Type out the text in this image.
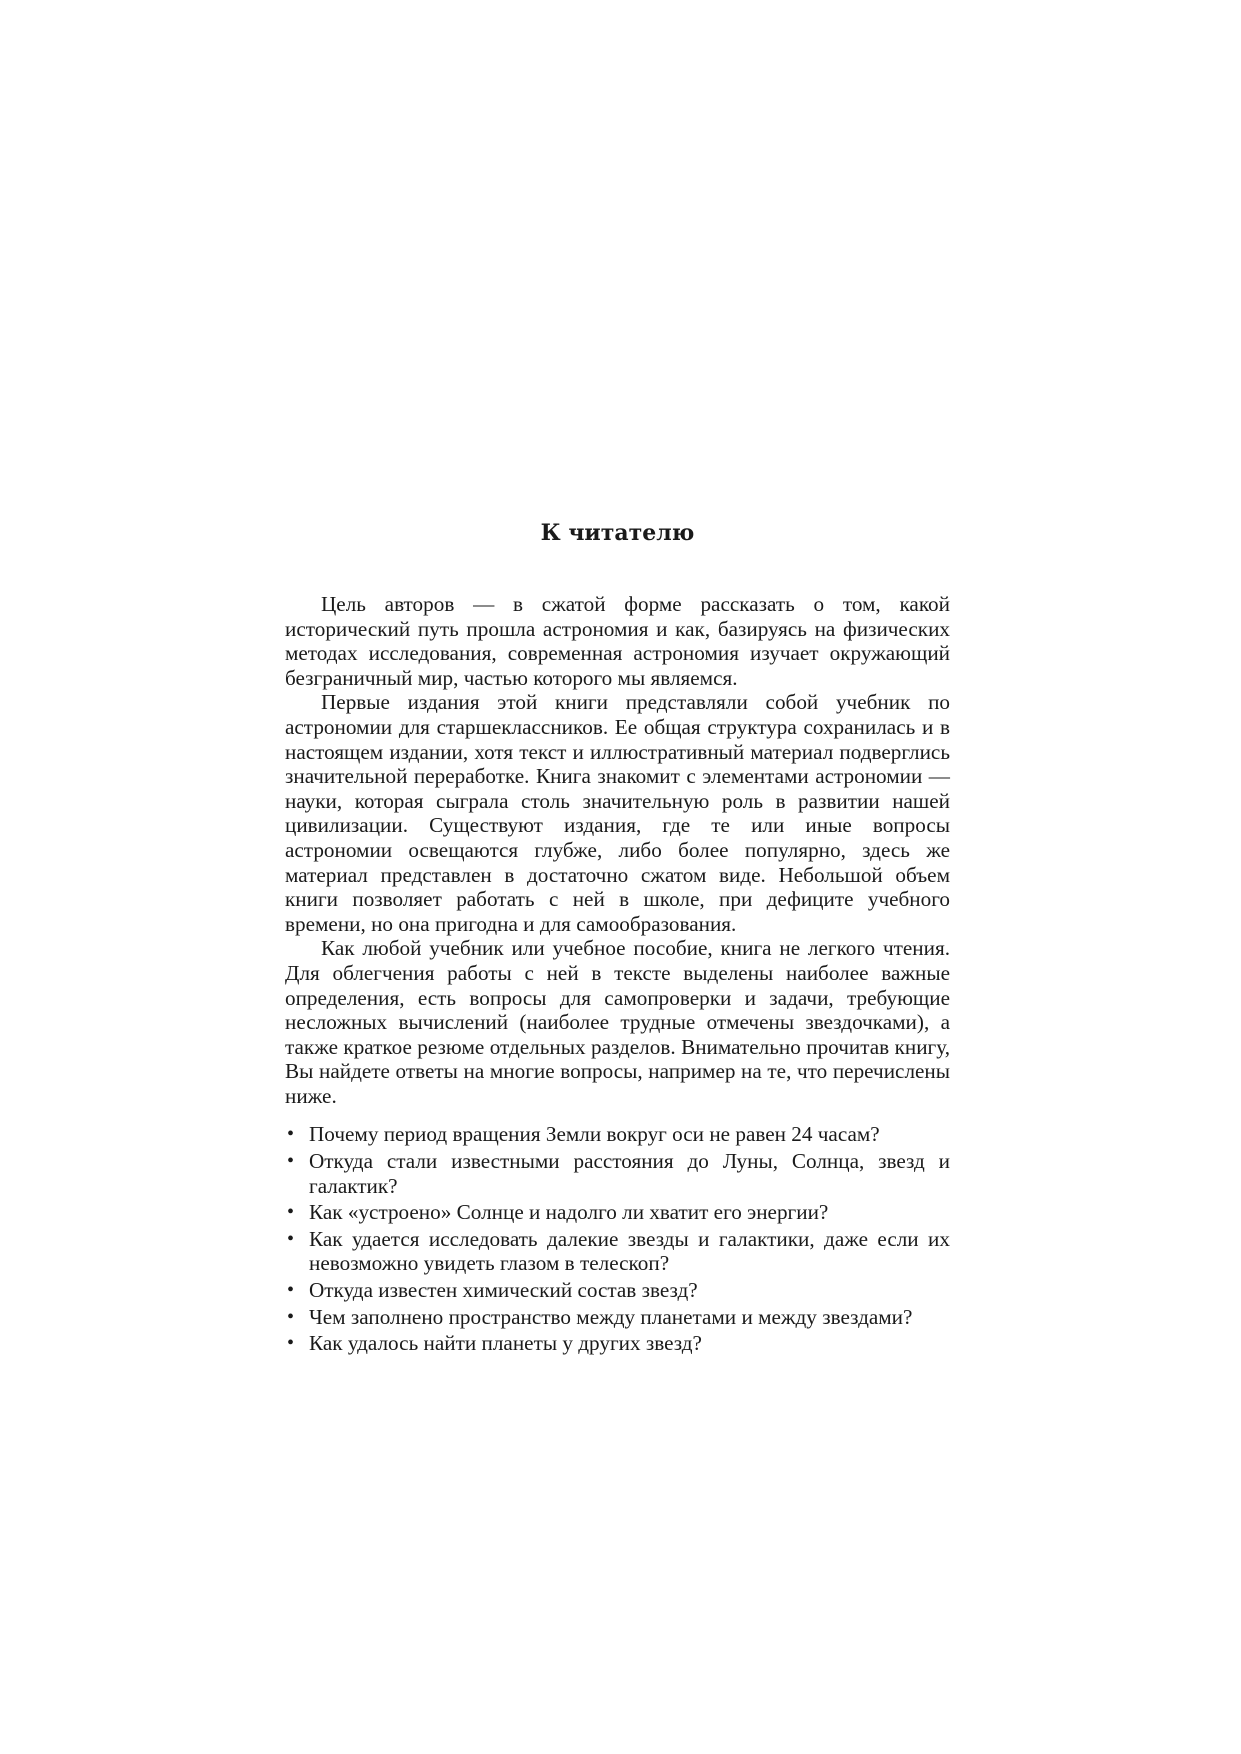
К читателю

Цель авторов — в сжатой форме рассказать о том, какой исторический путь прошла астрономия и как, базируясь на физических методах исследования, современная астрономия изучает окружающий безграничный мир, частью которого мы являемся.

Первые издания этой книги представляли собой учебник по астрономии для старшеклассников. Ее общая структура сохранилась и в настоящем издании, хотя текст и иллюстративный материал подверглись значительной переработке. Книга знакомит с элементами астрономии — науки, которая сыграла столь значительную роль в развитии нашей цивилизации. Существуют издания, где те или иные вопросы астрономии освещаются глубже, либо более популярно, здесь же материал представлен в достаточно сжатом виде. Небольшой объем книги позволяет работать с ней в школе, при дефиците учебного времени, но она пригодна и для самообразования.

Как любой учебник или учебное пособие, книга не легкого чтения. Для облегчения работы с ней в тексте выделены наиболее важные определения, есть вопросы для самопроверки и задачи, требующие несложных вычислений (наиболее трудные отмечены звездочками), а также краткое резюме отдельных разделов. Внимательно прочитав книгу, Вы найдете ответы на многие вопросы, например на те, что перечислены ниже.

• Почему период вращения Земли вокруг оси не равен 24 часам?
• Откуда стали известными расстояния до Луны, Солнца, звезд и галактик?
• Как «устроено» Солнце и надолго ли хватит его энергии?
• Как удается исследовать далекие звезды и галактики, даже если их невозможно увидеть глазом в телескоп?
• Откуда известен химический состав звезд?
• Чем заполнено пространство между планетами и между звездами?
• Как удалось найти планеты у других звезд?
